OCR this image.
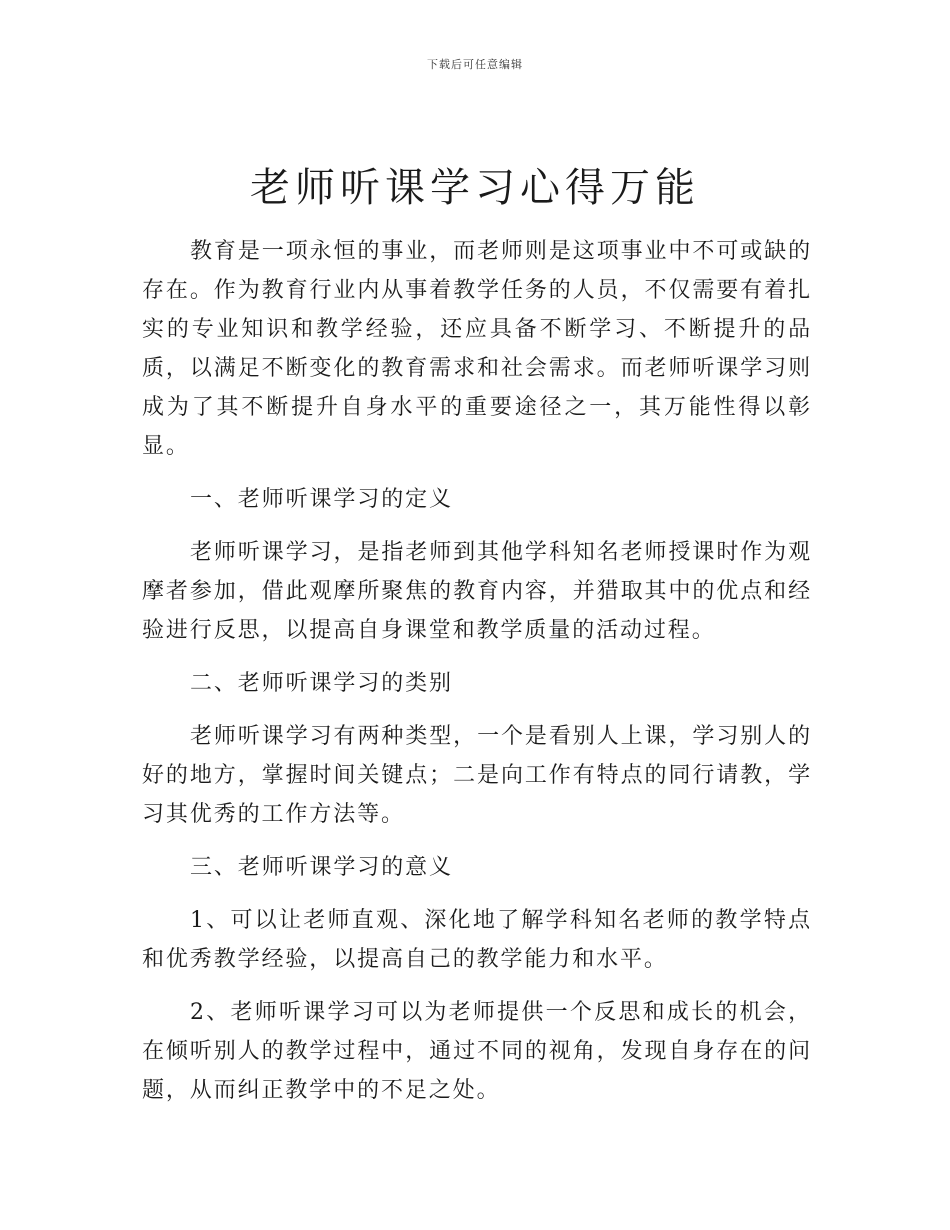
下载后可任意编辑
老师听课学习心得万能

教育是一项永恒的事业，而老师则是这项事业中不可或缺的存在。作为教育行业内从事着教学任务的人员，不仅需要有着扎实的专业知识和教学经验，还应具备不断学习、不断提升的品质，以满足不断变化的教育需求和社会需求。而老师听课学习则成为了其不断提升自身水平的重要途径之一，其万能性得以彰显。

一、老师听课学习的定义

老师听课学习，是指老师到其他学科知名老师授课时作为观摩者参加，借此观摩所聚焦的教育内容，并猎取其中的优点和经验进行反思，以提高自身课堂和教学质量的活动过程。

二、老师听课学习的类别

老师听课学习有两种类型，一个是看别人上课，学习别人的好的地方，掌握时间关键点；二是向工作有特点的同行请教，学习其优秀的工作方法等。

三、老师听课学习的意义

1、可以让老师直观、深化地了解学科知名老师的教学特点和优秀教学经验，以提高自己的教学能力和水平。

2、老师听课学习可以为老师提供一个反思和成长的机会，在倾听别人的教学过程中，通过不同的视角，发现自身存在的问题，从而纠正教学中的不足之处。
